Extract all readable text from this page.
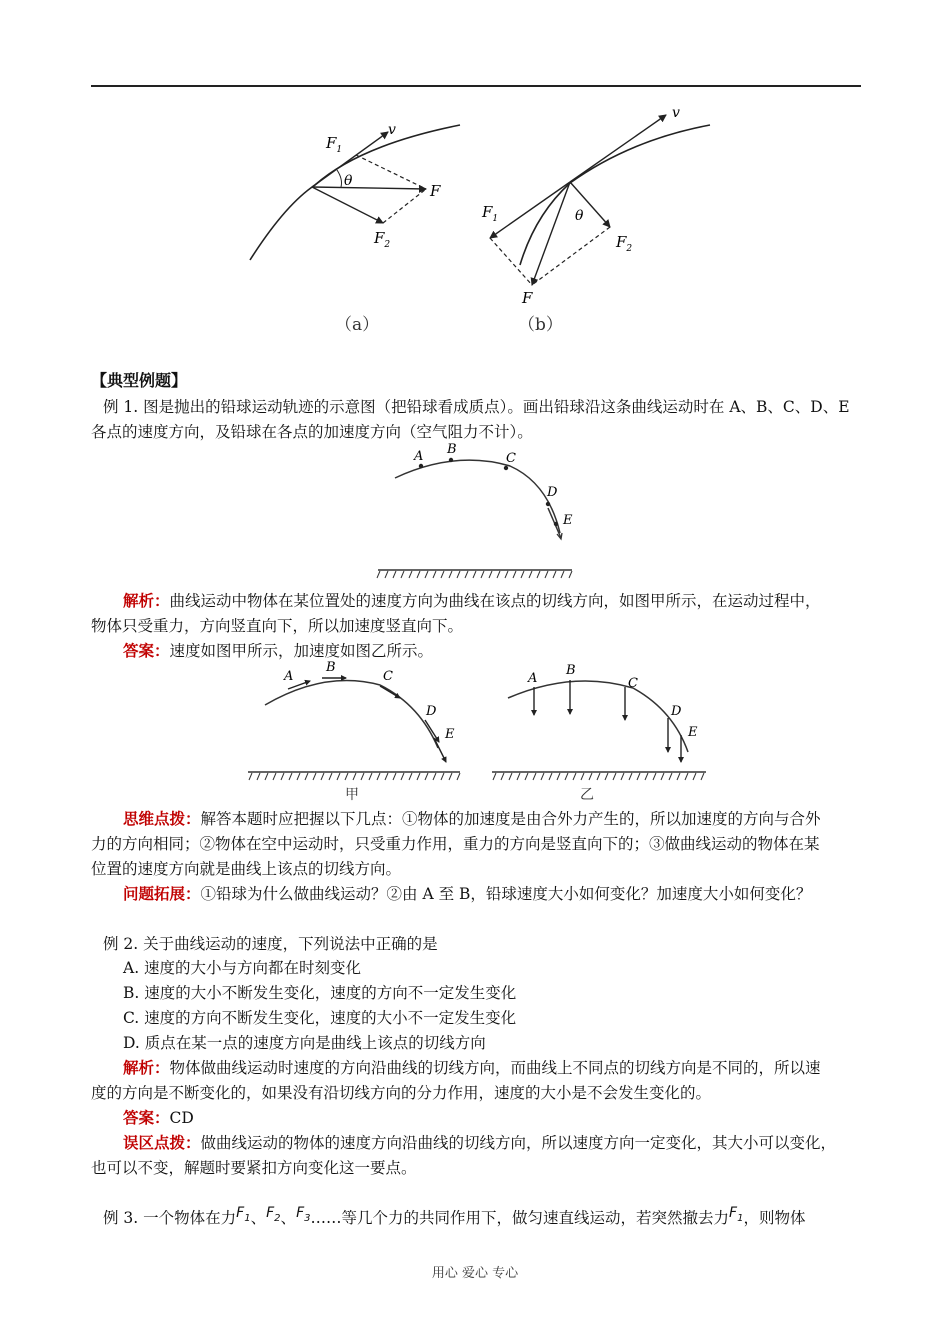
$F_1$
v
θ
F
$F_2$
（a）
v
$F_1$	θ
$F_2$
F
（b）
【典型例题】
例 1. 图是抛出的铅球运动轨迹的示意图（把铅球看成质点）。画出铅球沿这条曲线运动时在 A、B、C、D、E
各点的速度方向，及铅球在各点的加速度方向（空气阻力不计）。
A B
C
D
E
解析：曲线运动中物体在某位置处的速度方向为曲线在该点的切线方向，如图甲所示，在运动过程中，
物体只受重力，方向竖直向下，所以加速度竖直向下。
答案：速度如图甲所示，加速度如图乙所示。
A
B
C
D
E
甲
A
B
C
D
E
乙
思维点拨：解答本题时应把握以下几点：①物体的加速度是由合外力产生的，所以加速度的方向与合外
力的方向相同；②物体在空中运动时，只受重力作用，重力的方向是竖直向下的；③做曲线运动的物体在某
位置的速度方向就是曲线上该点的切线方向。
问题拓展：①铅球为什么做曲线运动？②由 A 至 B，铅球速度大小如何变化？加速度大小如何变化？
例 2. 关于曲线运动的速度，下列说法中正确的是
A. 速度的大小与方向都在时刻变化
B. 速度的大小不断发生变化，速度的方向不一定发生变化
C. 速度的方向不断发生变化，速度的大小不一定发生变化
D. 质点在某一点的速度方向是曲线上该点的切线方向
解析：物体做曲线运动时速度的方向沿曲线的切线方向，而曲线上不同点的切线方向是不同的，所以速
度的方向是不断变化的，如果没有沿切线方向的分力作用，速度的大小是不会发生变化的。
答案：CD
误区点拨：做曲线运动的物体的速度方向沿曲线的切线方向，所以速度方向一定变化，其大小可以变化，
也可以不变，解题时要紧扣方向变化这一要点。
例 3. 一个物体在力$F_1$、$F_2$、$F_3\dots\dots$等几个力的共同作用下，做匀速直线运动，若突然撤去力$F_1$，则物体
用心 爱心 专心
